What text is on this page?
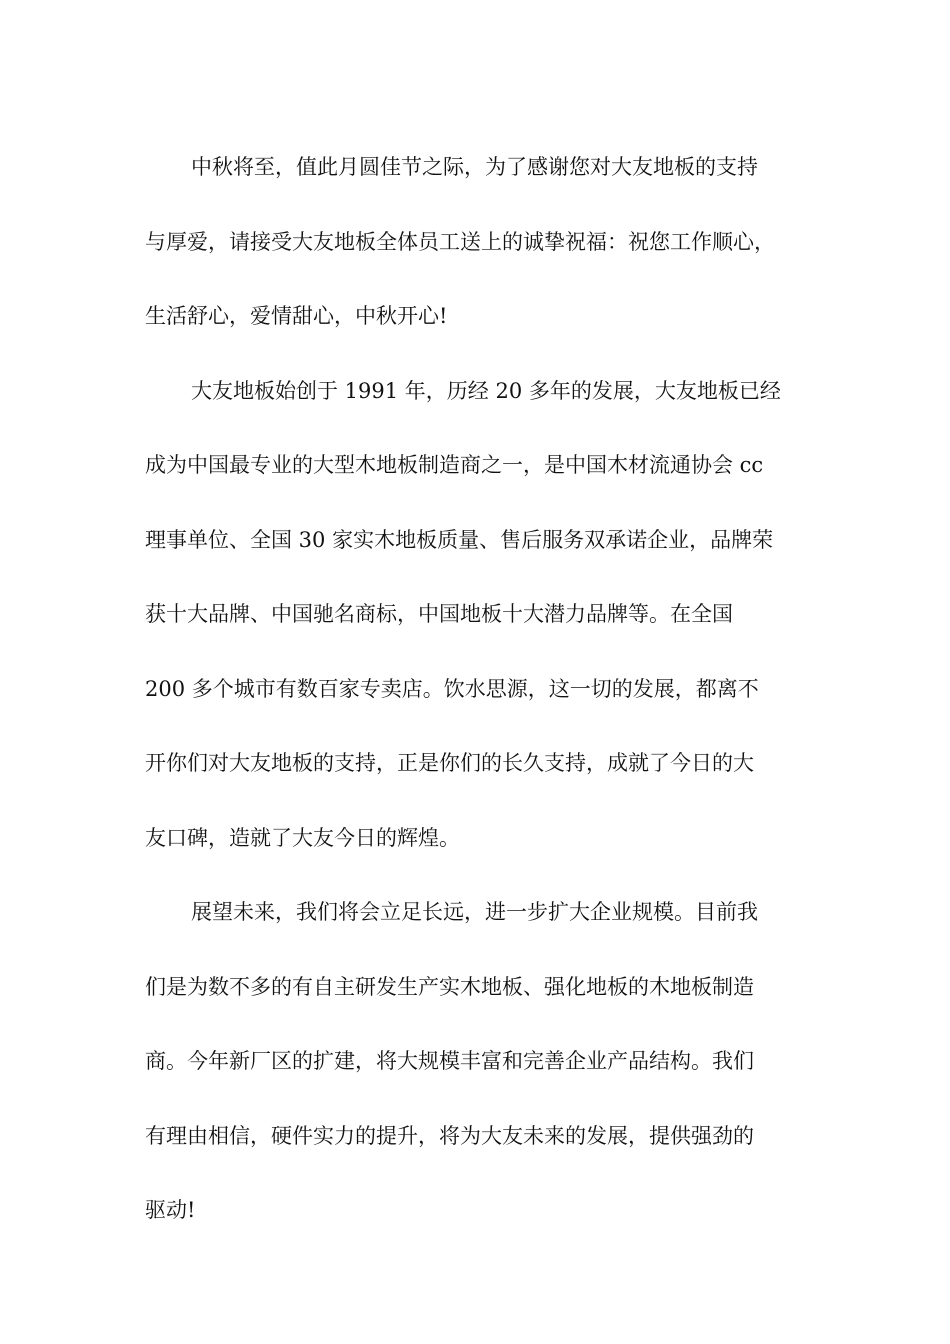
中秋将至，值此月圆佳节之际，为了感谢您对大友地板的支持
与厚爱，请接受大友地板全体员工送上的诚挚祝福：祝您工作顺心，
生活舒心，爱情甜心，中秋开心!

大友地板始创于 1991 年，历经 20 多年的发展，大友地板已经
成为中国最专业的大型木地板制造商之一，是中国木材流通协会 cc
理事单位、全国 30 家实木地板质量、售后服务双承诺企业，品牌荣
获十大品牌、中国驰名商标，中国地板十大潜力品牌等。在全国
200 多个城市有数百家专卖店。饮水思源，这一切的发展，都离不
开你们对大友地板的支持，正是你们的长久支持，成就了今日的大
友口碑，造就了大友今日的辉煌。

展望未来，我们将会立足长远，进一步扩大企业规模。目前我
们是为数不多的有自主研发生产实木地板、强化地板的木地板制造
商。今年新厂区的扩建，将大规模丰富和完善企业产品结构。我们
有理由相信，硬件实力的提升，将为大友未来的发展，提供强劲的
驱动!
